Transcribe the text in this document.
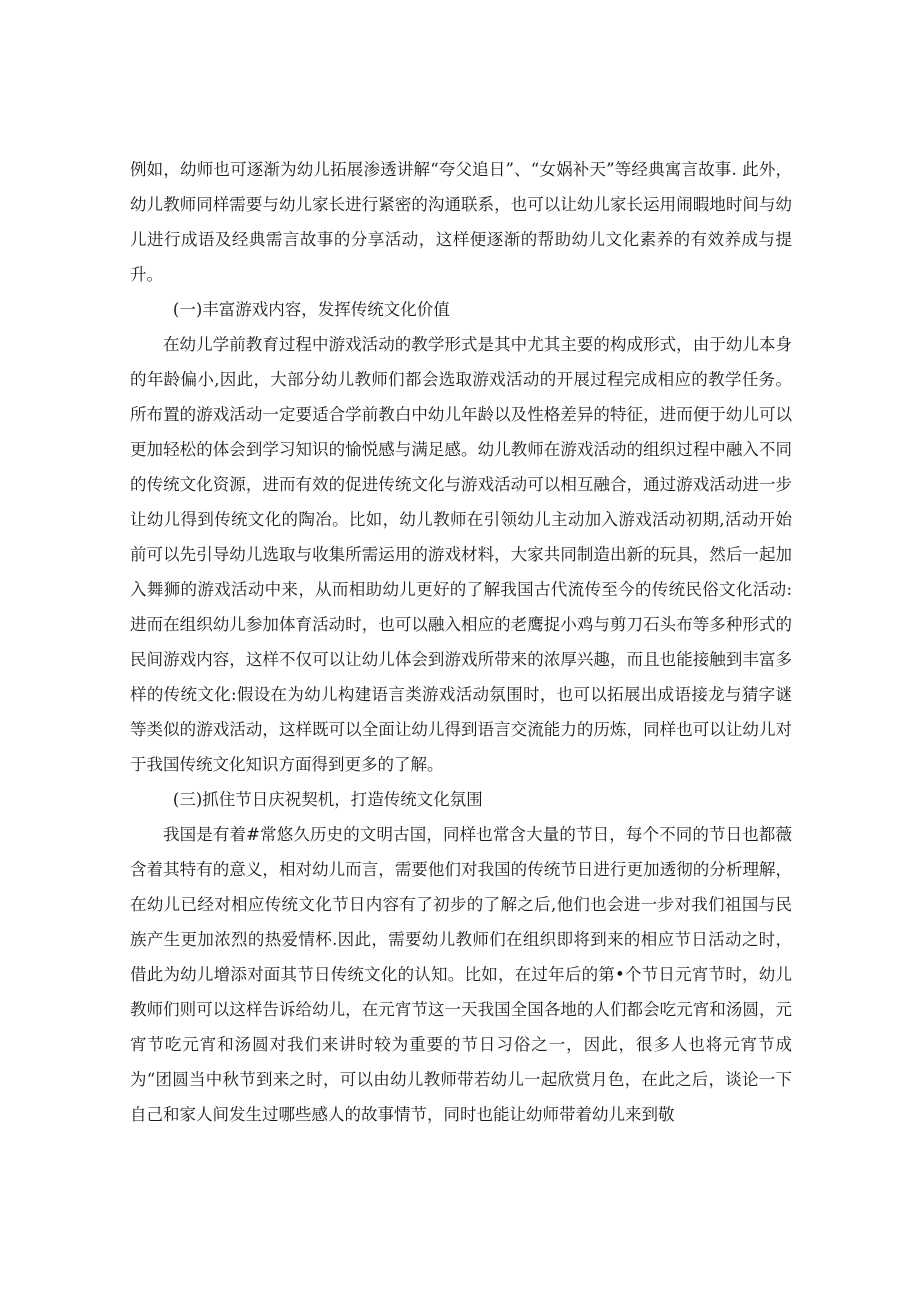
例如，幼师也可逐渐为幼儿拓展渗透讲解“夸父追日”、“女娲补天”等经典寓言故事. 此外，幼儿教师同样需要与幼儿家长进行紧密的沟通联系，也可以让幼儿家长运用闹暇地时间与幼儿进行成语及经典需言故事的分享活动，这样便逐渐的帮助幼儿文化素养的有效养成与提升。

(一)丰富游戏内容，发挥传统文化价值

在幼儿学前教育过程中游戏活动的教学形式是其中尤其主要的构成形式，由于幼儿本身的年龄偏小,因此，大部分幼儿教师们都会选取游戏活动的开展过程完成相应的教学任务。所布置的游戏活动一定要适合学前教白中幼儿年龄以及性格差异的特征，进而便于幼儿可以更加轻松的体会到学习知识的愉悦感与满足感。幼儿教师在游戏活动的组织过程中融入不同的传统文化资源，进而有效的促进传统文化与游戏活动可以相互融合，通过游戏活动进一步让幼儿得到传统文化的陶冶。比如，幼儿教师在引领幼儿主动加入游戏活动初期,活动开始前可以先引导幼儿选取与收集所需运用的游戏材料，大家共同制造出新的玩具，然后一起加入舞狮的游戏活动中来，从而相助幼儿更好的了解我国古代流传至今的传统民俗文化活动:进而在组织幼儿参加体育活动时，也可以融入相应的老鹰捉小鸡与剪刀石头布等多种形式的民间游戏内容，这样不仅可以让幼儿体会到游戏所带来的浓厚兴趣，而且也能接触到丰富多样的传统文化:假设在为幼儿构建语言类游戏活动氛围时，也可以拓展出成语接龙与猜字谜等类似的游戏活动，这样既可以全面让幼儿得到语言交流能力的历炼，同样也可以让幼儿对于我国传统文化知识方面得到更多的了解。

(三)抓住节日庆祝契机，打造传统文化氛围

我国是有着#常悠久历史的文明古国，同样也常含大量的节日，每个不同的节日也都薇含着其特有的意义，相对幼儿而言，需要他们对我国的传统节日进行更加透彻的分析理解，在幼儿已经对相应传统文化节日内容有了初步的了解之后,他们也会进一步对我们祖国与民族产生更加浓烈的热爱情杯.因此，需要幼儿教师们在组织即将到来的相应节日活动之时，借此为幼儿增添对面其节日传统文化的认知。比如，在过年后的第•个节日元宵节时，幼儿教师们则可以这样告诉给幼儿，在元宵节这一天我国全国各地的人们都会吃元宵和汤圆，元宵节吃元宵和汤圆对我们来讲时较为重要的节日习俗之一，因此，很多人也将元宵节成为“团圆当中秋节到来之时，可以由幼儿教师带若幼儿一起欣赏月色，在此之后，谈论一下自己和家人间发生过哪些感人的故事情节，同时也能让幼师带着幼儿来到敬
